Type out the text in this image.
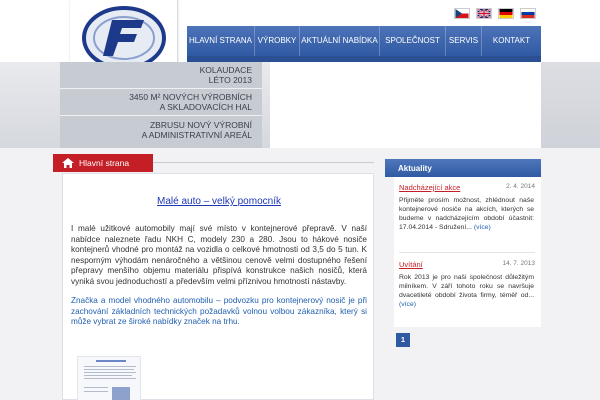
HLAVNÍ STRANA VÝROBKY AKTUÁLNÍ NABÍDKA SPOLEČNOST	SERVIS	KONTAKT
KOLAUDACE
LÉTO 2013
3450 M² NOVÝCH VÝROBNÍCH
A SKLADOVACÍCH HAL
ZBRUSU NOVÝ VÝROBNÍ
A ADMINISTRATIVNÍ AREÁL
Hlavní strana
Malé auto – velký pomocník
I malé užitkové automobily mají své místo v kontejnerové přepravě. V naší nabídce naleznete řadu NKH C, modely 230 a 280. Jsou to hákové nosiče kontejnerů vhodné pro montáž na vozidla o celkové hmotnosti od 3,5 do 5 tun. K nesporným výhodám nenáročného a většinou cenově velmi dostupného řešení přepravy menšího objemu materiálu přispívá konstrukce našich nosičů, která vyniká svou jednoduchostí a především velmi příznivou hmotností nástavby.
Značka a model vhodného automobilu – podvozku pro kontejnerový nosič je při zachování základních technických požadavků volnou volbou zákazníka, který si může vybrat ze široké nabídky značek na trhu.
Aktuality
Nadcházející akce	2. 4. 2014
Přijměte prosím možnost, zhlédnout naše kontejnerové nosiče na akcích, kterých se budeme v nadcházejícím období účastnit: 17.04.2014 - Sdružení... (více)
Uvítání	14. 7. 2013
Rok 2013 je pro naši společnost důležitým milníkem. V září tohoto roku se navršuje dvacetileté období života firmy, téměř od... (více)
1
